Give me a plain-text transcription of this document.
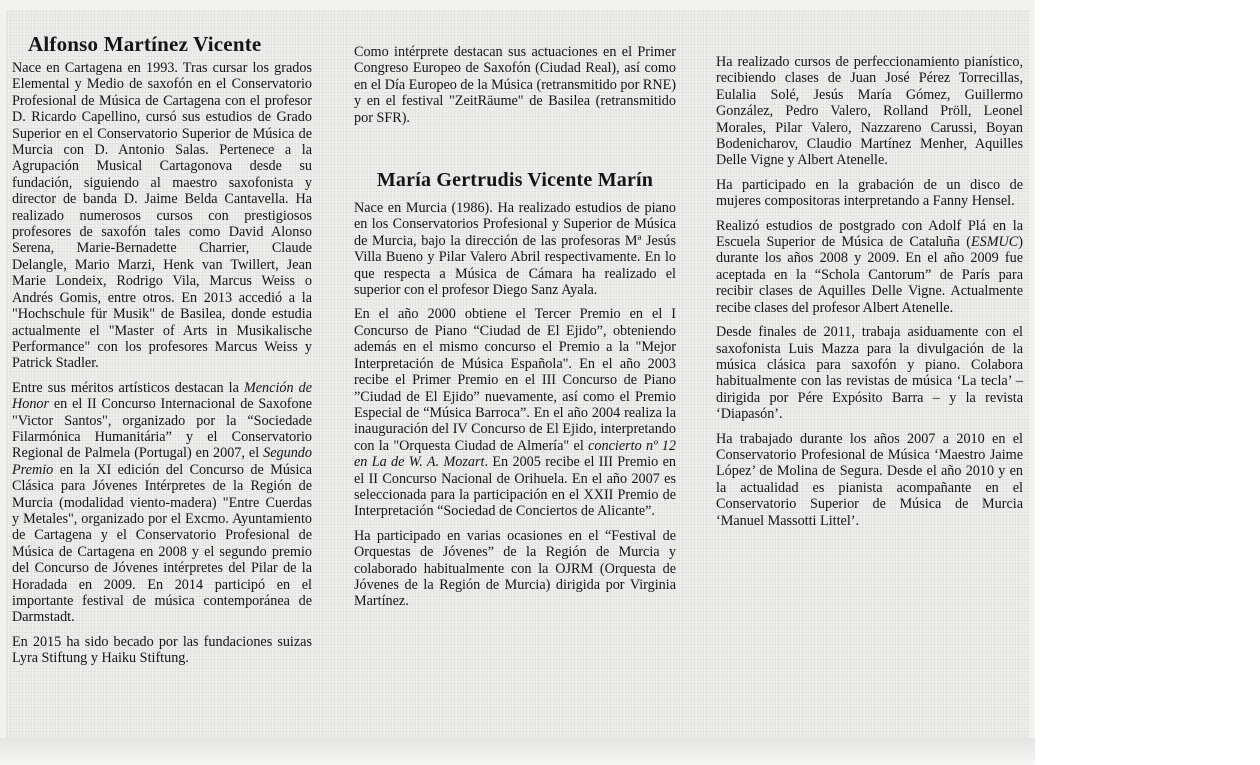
Alfonso Martínez Vicente

Nace en Cartagena en 1993. Tras cursar los grados Elemental y Medio de saxofón en el Conservatorio Profesional de Música de Cartagena con el profesor D. Ricardo Capellino, cursó sus estudios de Grado Superior en el Conservatorio Superior de Música de Murcia con D. Antonio Salas. Pertenece a la Agrupación Musical Cartagonova desde su fundación, siguiendo al maestro saxofonista y director de banda D. Jaime Belda Cantavella. Ha realizado numerosos cursos con prestigiosos profesores de saxofón tales como David Alonso Serena, Marie-Bernadette Charrier, Claude Delangle, Mario Marzi, Henk van Twillert, Jean Marie Londeix, Rodrigo Vila, Marcus Weiss o Andrés Gomis, entre otros. En 2013 accedió a la "Hochschule für Musik" de Basilea, donde estudia actualmente el "Master of Arts in Musikalische Performance" con los profesores Marcus Weiss y Patrick Stadler.

Entre sus méritos artísticos destacan la Mención de Honor en el II Concurso Internacional de Saxofone "Victor Santos", organizado por la “Sociedade Filarmónica Humanitária” y el Conservatorio Regional de Palmela (Portugal) en 2007, el Segundo Premio en la XI edición del Concurso de Música Clásica para Jóvenes Intérpretes de la Región de Murcia (modalidad viento-madera) "Entre Cuerdas y Metales", organizado por el Excmo. Ayuntamiento de Cartagena y el Conservatorio Profesional de Música de Cartagena en 2008 y el segundo premio del Concurso de Jóvenes intérpretes del Pilar de la Horadada en 2009. En 2014 participó en el importante festival de música contemporánea de Darmstadt.

En 2015 ha sido becado por las fundaciones suizas Lyra Stiftung y Haiku Stiftung.

Como intérprete destacan sus actuaciones en el Primer Congreso Europeo de Saxofón (Ciudad Real), así como en el Día Europeo de la Música (retransmitido por RNE) y en el festival "ZeitRäume" de Basilea (retransmitido por SFR).

María Gertrudis Vicente Marín

Nace en Murcia (1986). Ha realizado estudios de piano en los Conservatorios Profesional y Superior de Música de Murcia, bajo la dirección de las profesoras Mª Jesús Villa Bueno y Pilar Valero Abril respectivamente. En lo que respecta a Música de Cámara ha realizado el superior con el profesor Diego Sanz Ayala.

En el año 2000 obtiene el Tercer Premio en el I Concurso de Piano “Ciudad de El Ejido”, obteniendo además en el mismo concurso el Premio a la "Mejor Interpretación de Música Española". En el año 2003 recibe el Primer Premio en el III Concurso de Piano ”Ciudad de El Ejido” nuevamente, así como el Premio Especial de “Música Barroca”. En el año 2004 realiza la inauguración del IV Concurso de El Ejido, interpretando con la "Orquesta Ciudad de Almería" el concierto nº 12 en La de W. A. Mozart. En 2005 recibe el III Premio en el II Concurso Nacional de Orihuela. En el año 2007 es seleccionada para la participación en el XXII Premio de Interpretación “Sociedad de Conciertos de Alicante”.

Ha participado en varias ocasiones en el “Festival de Orquestas de Jóvenes” de la Región de Murcia y colaborado habitualmente con la OJRM (Orquesta de Jóvenes de la Región de Murcia) dirigida por Virginia Martínez.

Ha realizado cursos de perfeccionamiento pianístico, recibiendo clases de Juan José Pérez Torrecillas, Eulalia Solé, Jesús María Gómez, Guillermo González, Pedro Valero, Rolland Pröll, Leonel Morales, Pilar Valero, Nazzareno Carussi, Boyan Bodenicharov, Claudio Martínez Menher, Aquilles Delle Vigne y Albert Atenelle.

Ha participado en la grabación de un disco de mujeres compositoras interpretando a Fanny Hensel.

Realizó estudios de postgrado con Adolf Plá en la Escuela Superior de Música de Cataluña (ESMUC) durante los años 2008 y 2009. En el año 2009 fue aceptada en la “Schola Cantorum” de París para recibir clases de Aquilles Delle Vigne. Actualmente recibe clases del profesor Albert Atenelle.

Desde finales de 2011, trabaja asiduamente con el saxofonista Luis Mazza para la divulgación de la música clásica para saxofón y piano. Colabora habitualmente con las revistas de música ‘La tecla’ – dirigida por Pére Expósito Barra – y la revista ‘Diapasón’.

Ha trabajado durante los años 2007 a 2010 en el Conservatorio Profesional de Música ‘Maestro Jaime López’ de Molina de Segura. Desde el año 2010 y en la actualidad es pianista acompañante en el Conservatorio Superior de Música de Murcia ‘Manuel Massotti Littel’.
